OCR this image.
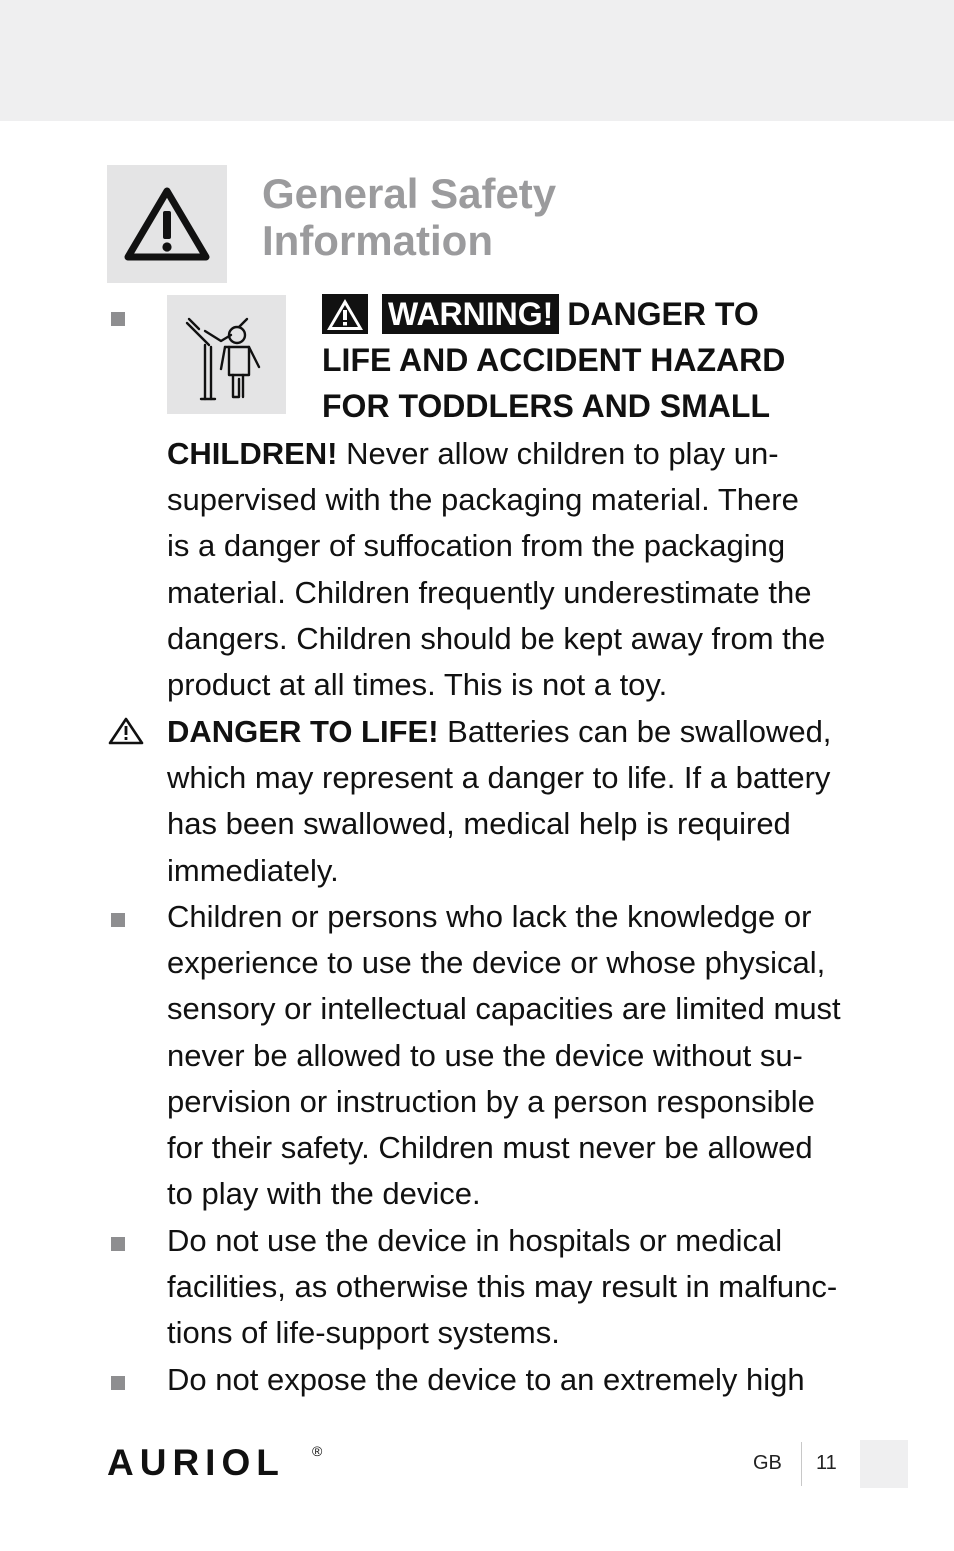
General Safety
Information
WARNING! DANGER TO
LIFE AND ACCIDENT HAZARD
FOR TODDLERS AND SMALL
CHILDREN! Never allow children to play un-
supervised with the packaging material. There
is a danger of suffocation from the packaging
material. Children frequently underestimate the
dangers. Children should be kept away from the
product at all times. This is not a toy.
DANGER TO LIFE! Batteries can be swallowed,
which may represent a danger to life. If a battery
has been swallowed, medical help is required
immediately.
Children or persons who lack the knowledge or
experience to use the device or whose physical,
sensory or intellectual capacities are limited must
never be allowed to use the device without su-
pervision or instruction by a person responsible
for their safety. Children must never be allowed
to play with the device.
Do not use the device in hospitals or medical
facilities, as otherwise this may result in malfunc-
tions of life-support systems.
Do not expose the device to an extremely high
AURIOL ®
GB 11
